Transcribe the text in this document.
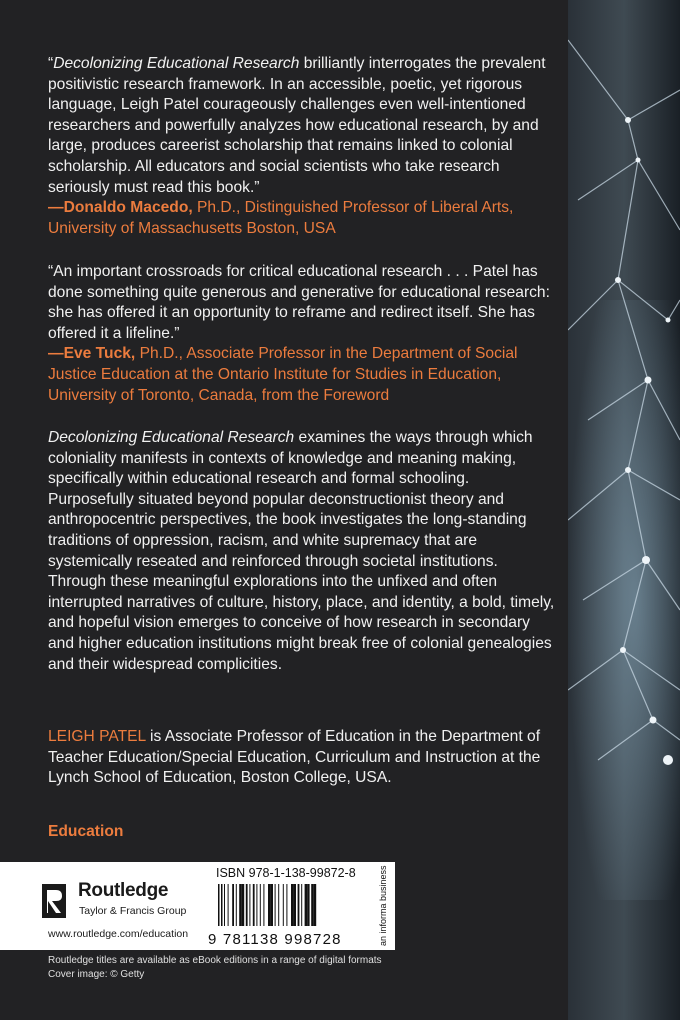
“Decolonizing Educational Research brilliantly interrogates the prevalent positivistic research framework. In an accessible, poetic, yet rigorous language, Leigh Patel courageously challenges even well-intentioned researchers and powerfully analyzes how educational research, by and large, produces careerist scholarship that remains linked to colonial scholarship. All educators and social scientists who take research seriously must read this book.”
—Donaldo Macedo, Ph.D., Distinguished Professor of Liberal Arts, University of Massachusetts Boston, USA
“An important crossroads for critical educational research . . . Patel has done something quite generous and generative for educational research: she has offered it an opportunity to reframe and redirect itself. She has offered it a lifeline.”
—Eve Tuck, Ph.D., Associate Professor in the Department of Social Justice Education at the Ontario Institute for Studies in Education, University of Toronto, Canada, from the Foreword
Decolonizing Educational Research examines the ways through which coloniality manifests in contexts of knowledge and meaning making, specifically within educational research and formal schooling. Purposefully situated beyond popular deconstructionist theory and anthropocentric perspectives, the book investigates the long-standing traditions of oppression, racism, and white supremacy that are systemically reseated and reinforced through societal institutions. Through these meaningful explorations into the unfixed and often interrupted narratives of culture, history, place, and identity, a bold, timely, and hopeful vision emerges to conceive of how research in secondary and higher education institutions might break free of colonial genealogies and their widespread complicities.
LEIGH PATEL is Associate Professor of Education in the Department of Teacher Education/Special Education, Curriculum and Instruction at the Lynch School of Education, Boston College, USA.
Education
Routledge
Taylor & Francis Group
www.routledge.com/education
ISBN 978-1-138-99872-8
9 781138 998728	an informa business
Routledge titles are available as eBook editions in a range of digital formats
Cover image: © Getty
